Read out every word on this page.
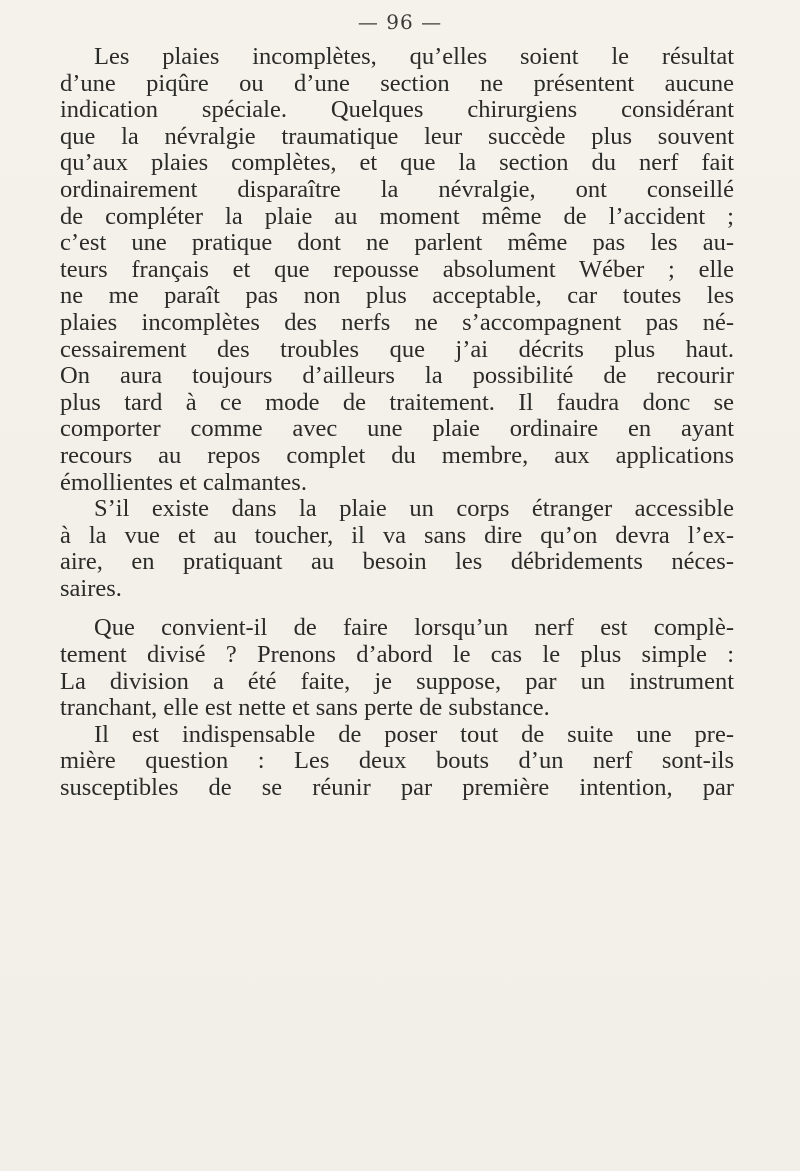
— 96 —
Les plaies incomplètes, qu’elles soient le résultat
d’une piqûre ou d’une section ne présentent aucune
indication spéciale. Quelques chirurgiens considérant
que la névralgie traumatique leur succède plus souvent
qu’aux plaies complètes, et que la section du nerf fait
ordinairement disparaître la névralgie, ont conseillé
de compléter la plaie au moment même de l’accident ;
c’est une pratique dont ne parlent même pas les au-
teurs français et que repousse absolument Wéber ; elle
ne me paraît pas non plus acceptable, car toutes les
plaies incomplètes des nerfs ne s’accompagnent pas né-
cessairement des troubles que j’ai décrits plus haut.
On aura toujours d’ailleurs la possibilité de recourir
plus tard à ce mode de traitement. Il faudra donc se
comporter comme avec une plaie ordinaire en ayant
recours au repos complet du membre, aux applications
émollientes et calmantes.
S’il existe dans la plaie un corps étranger accessible
à la vue et au toucher, il va sans dire qu’on devra l’ex-
aire, en pratiquant au besoin les débridements néces-
saires.
Que convient-il de faire lorsqu’un nerf est complè-
tement divisé ? Prenons d’abord le cas le plus simple :
La division a été faite, je suppose, par un instrument
tranchant, elle est nette et sans perte de substance.
Il est indispensable de poser tout de suite une pre-
mière question : Les deux bouts d’un nerf sont-ils
susceptibles de se réunir par première intention, par
